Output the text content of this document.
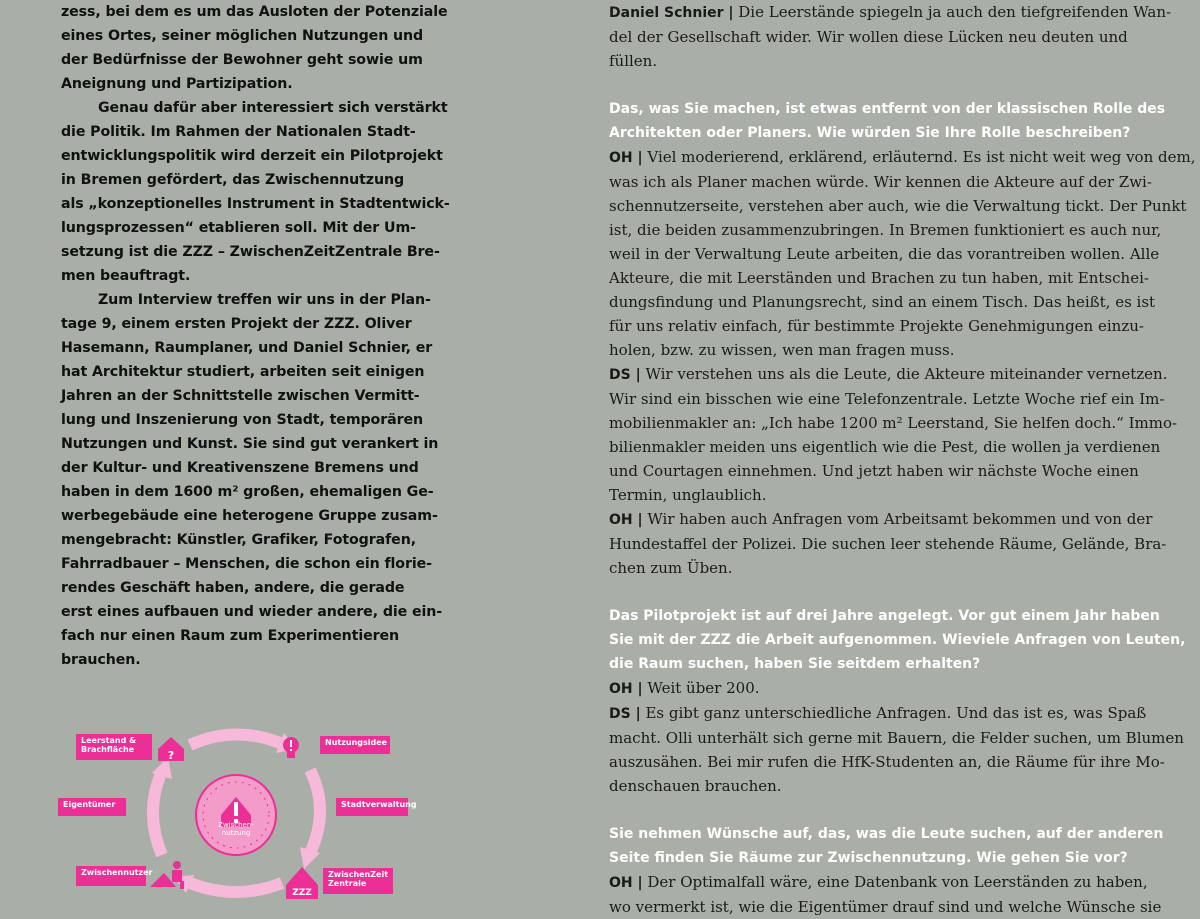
zess, bei dem es um das Ausloten der Potenziale
eines Ortes, seiner möglichen Nutzungen und
der Bedürfnisse der Bewohner geht sowie um
Aneignung und Partizipation.

Genau dafür aber interessiert sich verstärkt
die Politik. Im Rahmen der Nationalen Stadt-
entwicklungspolitik wird derzeit ein Pilotprojekt
in Bremen gefördert, das Zwischennutzung
als „konzeptionelles Instrument in Stadtentwick-
lungsprozessen“ etablieren soll. Mit der Um-
setzung ist die ZZZ – ZwischenZeitZentrale Bre-
men beauftragt.

Zum Interview treffen wir uns in der Plan-
tage 9, einem ersten Projekt der ZZZ. Oliver
Hasemann, Raumplaner, und Daniel Schnier, er
hat Architektur studiert, arbeiten seit einigen
Jahren an der Schnittstelle zwischen Vermitt-
lung und Inszenierung von Stadt, temporären
Nutzungen und Kunst. Sie sind gut verankert in
der Kultur- und Kreativenszene Bremens und
haben in dem 1600 m² großen, ehemaligen Ge-
werbegebäude eine heterogene Gruppe zusam-
mengebracht: Künstler, Grafiker, Fotografen,
Fahrradbauer – Menschen, die schon ein florie-
rendes Geschäft haben, andere, die gerade
erst eines aufbauen und wieder andere, die ein-
fach nur einen Raum zum Experimentieren
brauchen.

?
ZZZ
Leerstand & Brachfläche
Nutzungsidee
Eigentümer	Stadtverwaltung
Zwischennutzer	ZwischenZeit Zentrale
Zwischen-nutzung
Daniel Schnier | Die Leerstände spiegeln ja auch den tiefgreifenden Wan-
del der Gesellschaft wider. Wir wollen diese Lücken neu deuten und
füllen.
Das, was Sie machen, ist etwas entfernt von der klassischen Rolle des
Architekten oder Planers. Wie würden Sie Ihre Rolle beschreiben?
OH | Viel moderierend, erklärend, erläuternd. Es ist nicht weit weg von dem,
was ich als Planer machen würde. Wir kennen die Akteure auf der Zwi-
schennutzerseite, verstehen aber auch, wie die Verwaltung tickt. Der Punkt
ist, die beiden zusammenzubringen. In Bremen funktioniert es auch nur,
weil in der Verwaltung Leute arbeiten, die das vorantreiben wollen. Alle
Akteure, die mit Leerständen und Brachen zu tun haben, mit Entschei-
dungsfindung und Planungsrecht, sind an einem Tisch. Das heißt, es ist
für uns relativ einfach, für bestimmte Projekte Genehmigungen einzu-
holen, bzw. zu wissen, wen man fragen muss.
DS | Wir verstehen uns als die Leute, die Akteure miteinander vernetzen.
Wir sind ein bisschen wie eine Telefonzentrale. Letzte Woche rief ein Im-
mobilienmakler an: „Ich habe 1200 m² Leerstand, Sie helfen doch.“ Immo-
bilienmakler meiden uns eigentlich wie die Pest, die wollen ja verdienen
und Courtagen einnehmen. Und jetzt haben wir nächste Woche einen
Termin, unglaublich.
OH | Wir haben auch Anfragen vom Arbeitsamt bekommen und von der
Hundestaffel der Polizei. Die suchen leer stehende Räume, Gelände, Bra-
chen zum Üben.
Das Pilotprojekt ist auf drei Jahre angelegt. Vor gut einem Jahr haben
Sie mit der ZZZ die Arbeit aufgenommen. Wieviele Anfragen von Leuten,
die Raum suchen, haben Sie seitdem erhalten?
OH | Weit über 200.
DS | Es gibt ganz unterschiedliche Anfragen. Und das ist es, was Spaß
macht. Olli unterhält sich gerne mit Bauern, die Felder suchen, um Blumen
auszusähen. Bei mir rufen die HfK-Studenten an, die Räume für ihre Mo-
denschauen brauchen.
Sie nehmen Wünsche auf, das, was die Leute suchen, auf der anderen
Seite finden Sie Räume zur Zwischennutzung. Wie gehen Sie vor?
OH | Der Optimalfall wäre, eine Datenbank von Leerständen zu haben,
wo vermerkt ist, wie die Eigentümer drauf sind und welche Wünsche sie
